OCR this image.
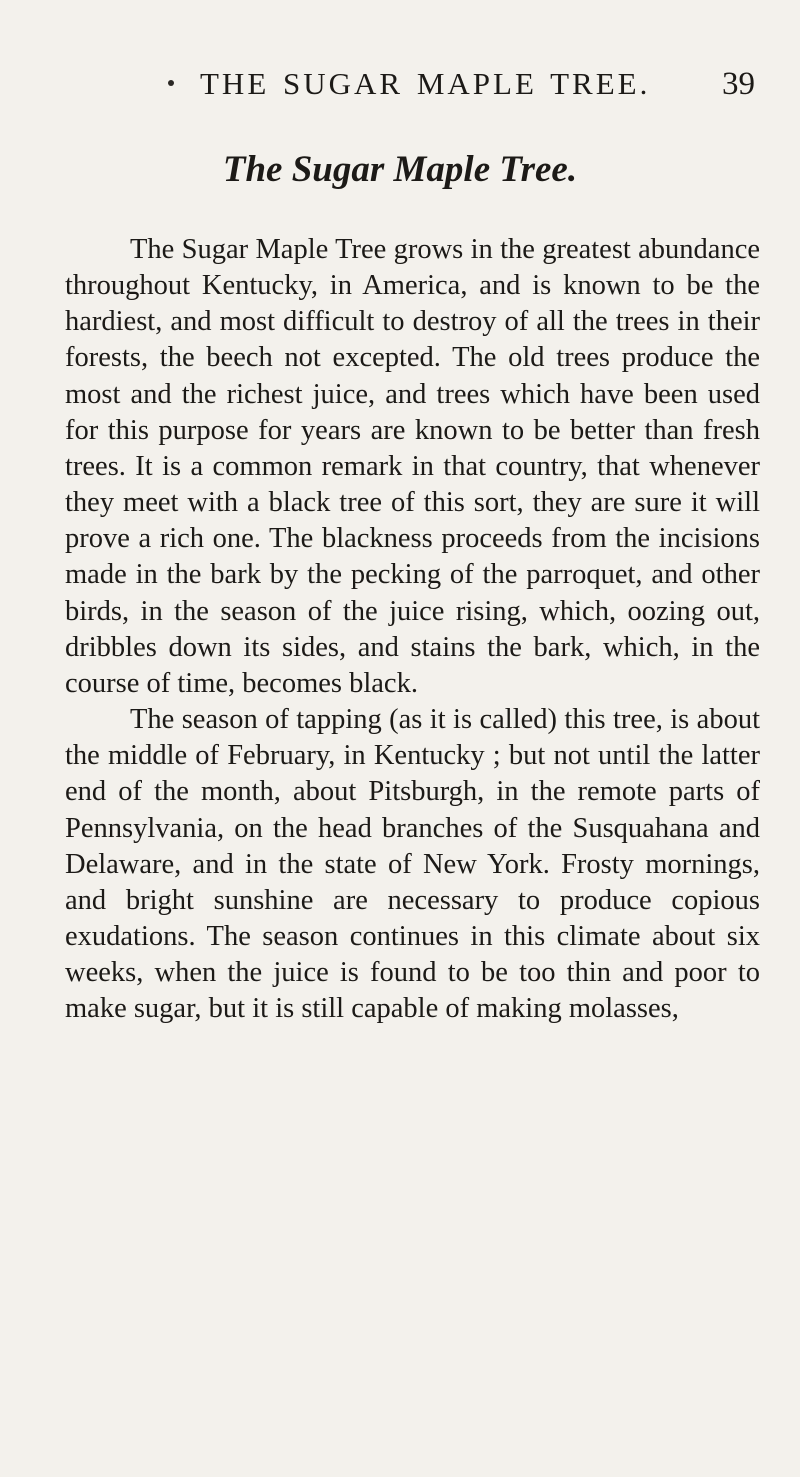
THE SUGAR MAPLE TREE. 39
The Sugar Maple Tree.

The Sugar Maple Tree grows in the greatest abundance throughout Kentucky, in America, and is known to be the hardiest, and most difficult to destroy of all the trees in their forests, the beech not excepted. The old trees produce the most and the richest juice, and trees which have been used for this purpose for years are known to be better than fresh trees. It is a common remark in that country, that whenever they meet with a black tree of this sort, they are sure it will prove a rich one. The blackness proceeds from the incisions made in the bark by the pecking of the parroquet, and other birds, in the season of the juice rising, which, oozing out, dribbles down its sides, and stains the bark, which, in the course of time, becomes black.

The season of tapping (as it is called) this tree, is about the middle of February, in Kentucky ; but not until the latter end of the month, about Pitsburgh, in the remote parts of Pennsylvania, on the head branches of the Susquahana and Delaware, and in the state of New York. Frosty mornings, and bright sunshine are necessary to produce copious exudations. The season continues in this climate about six weeks, when the juice is found to be too thin and poor to make sugar, but it is still capable of making molasses,
